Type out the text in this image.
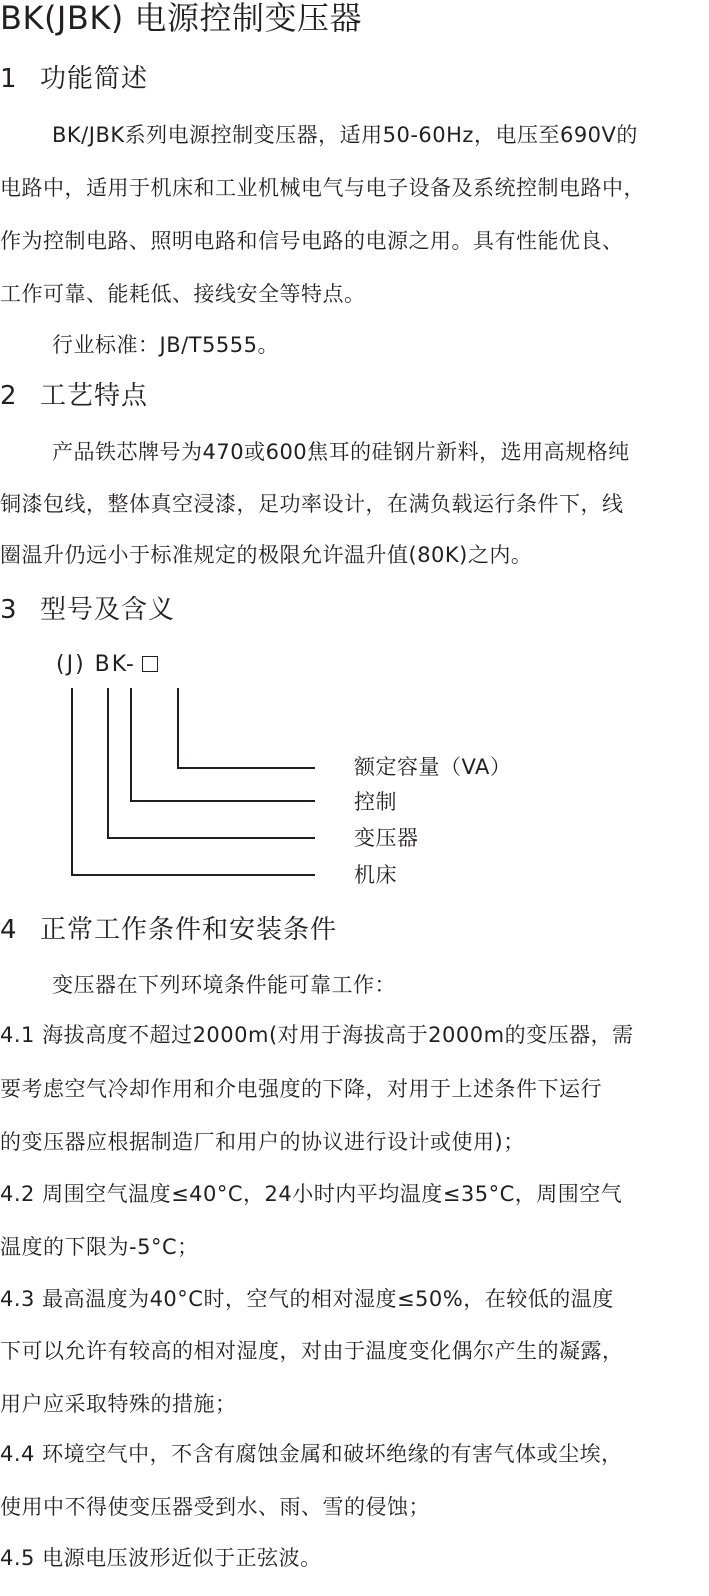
BK(JBK) 电源控制变压器
1 功能简述
BK/JBK系列电源控制变压器，适用50-60Hz，电压至690V的
电路中，适用于机床和工业机械电气与电子设备及系统控制电路中，
作为控制电路、照明电路和信号电路的电源之用。具有性能优良、
工作可靠、能耗低、接线安全等特点。
行业标准：JB/T5555。
2 工艺特点
产品铁芯牌号为470或600焦耳的硅钢片新料，选用高规格纯
铜漆包线，整体真空浸漆，足功率设计，在满负载运行条件下，线
圈温升仍远小于标准规定的极限允许温升值(80K)之内。
3 型号及含义
(J) BK-
额定容量（VA）
控制
变压器
机床
4 正常工作条件和安装条件
变压器在下列环境条件能可靠工作：
4.1 海拔高度不超过2000m(对用于海拔高于2000m的变压器，需
要考虑空气冷却作用和介电强度的下降，对用于上述条件下运行
的变压器应根据制造厂和用户的协议进行设计或使用)；
4.2 周围空气温度≤40°C，24小时内平均温度≤35°C，周围空气
温度的下限为-5°C；
4.3 最高温度为40°C时，空气的相对湿度≤50%，在较低的温度
下可以允许有较高的相对湿度，对由于温度变化偶尔产生的凝露，
用户应采取特殊的措施；
4.4 环境空气中，不含有腐蚀金属和破坏绝缘的有害气体或尘埃，
使用中不得使变压器受到水、雨、雪的侵蚀；
4.5 电源电压波形近似于正弦波。
